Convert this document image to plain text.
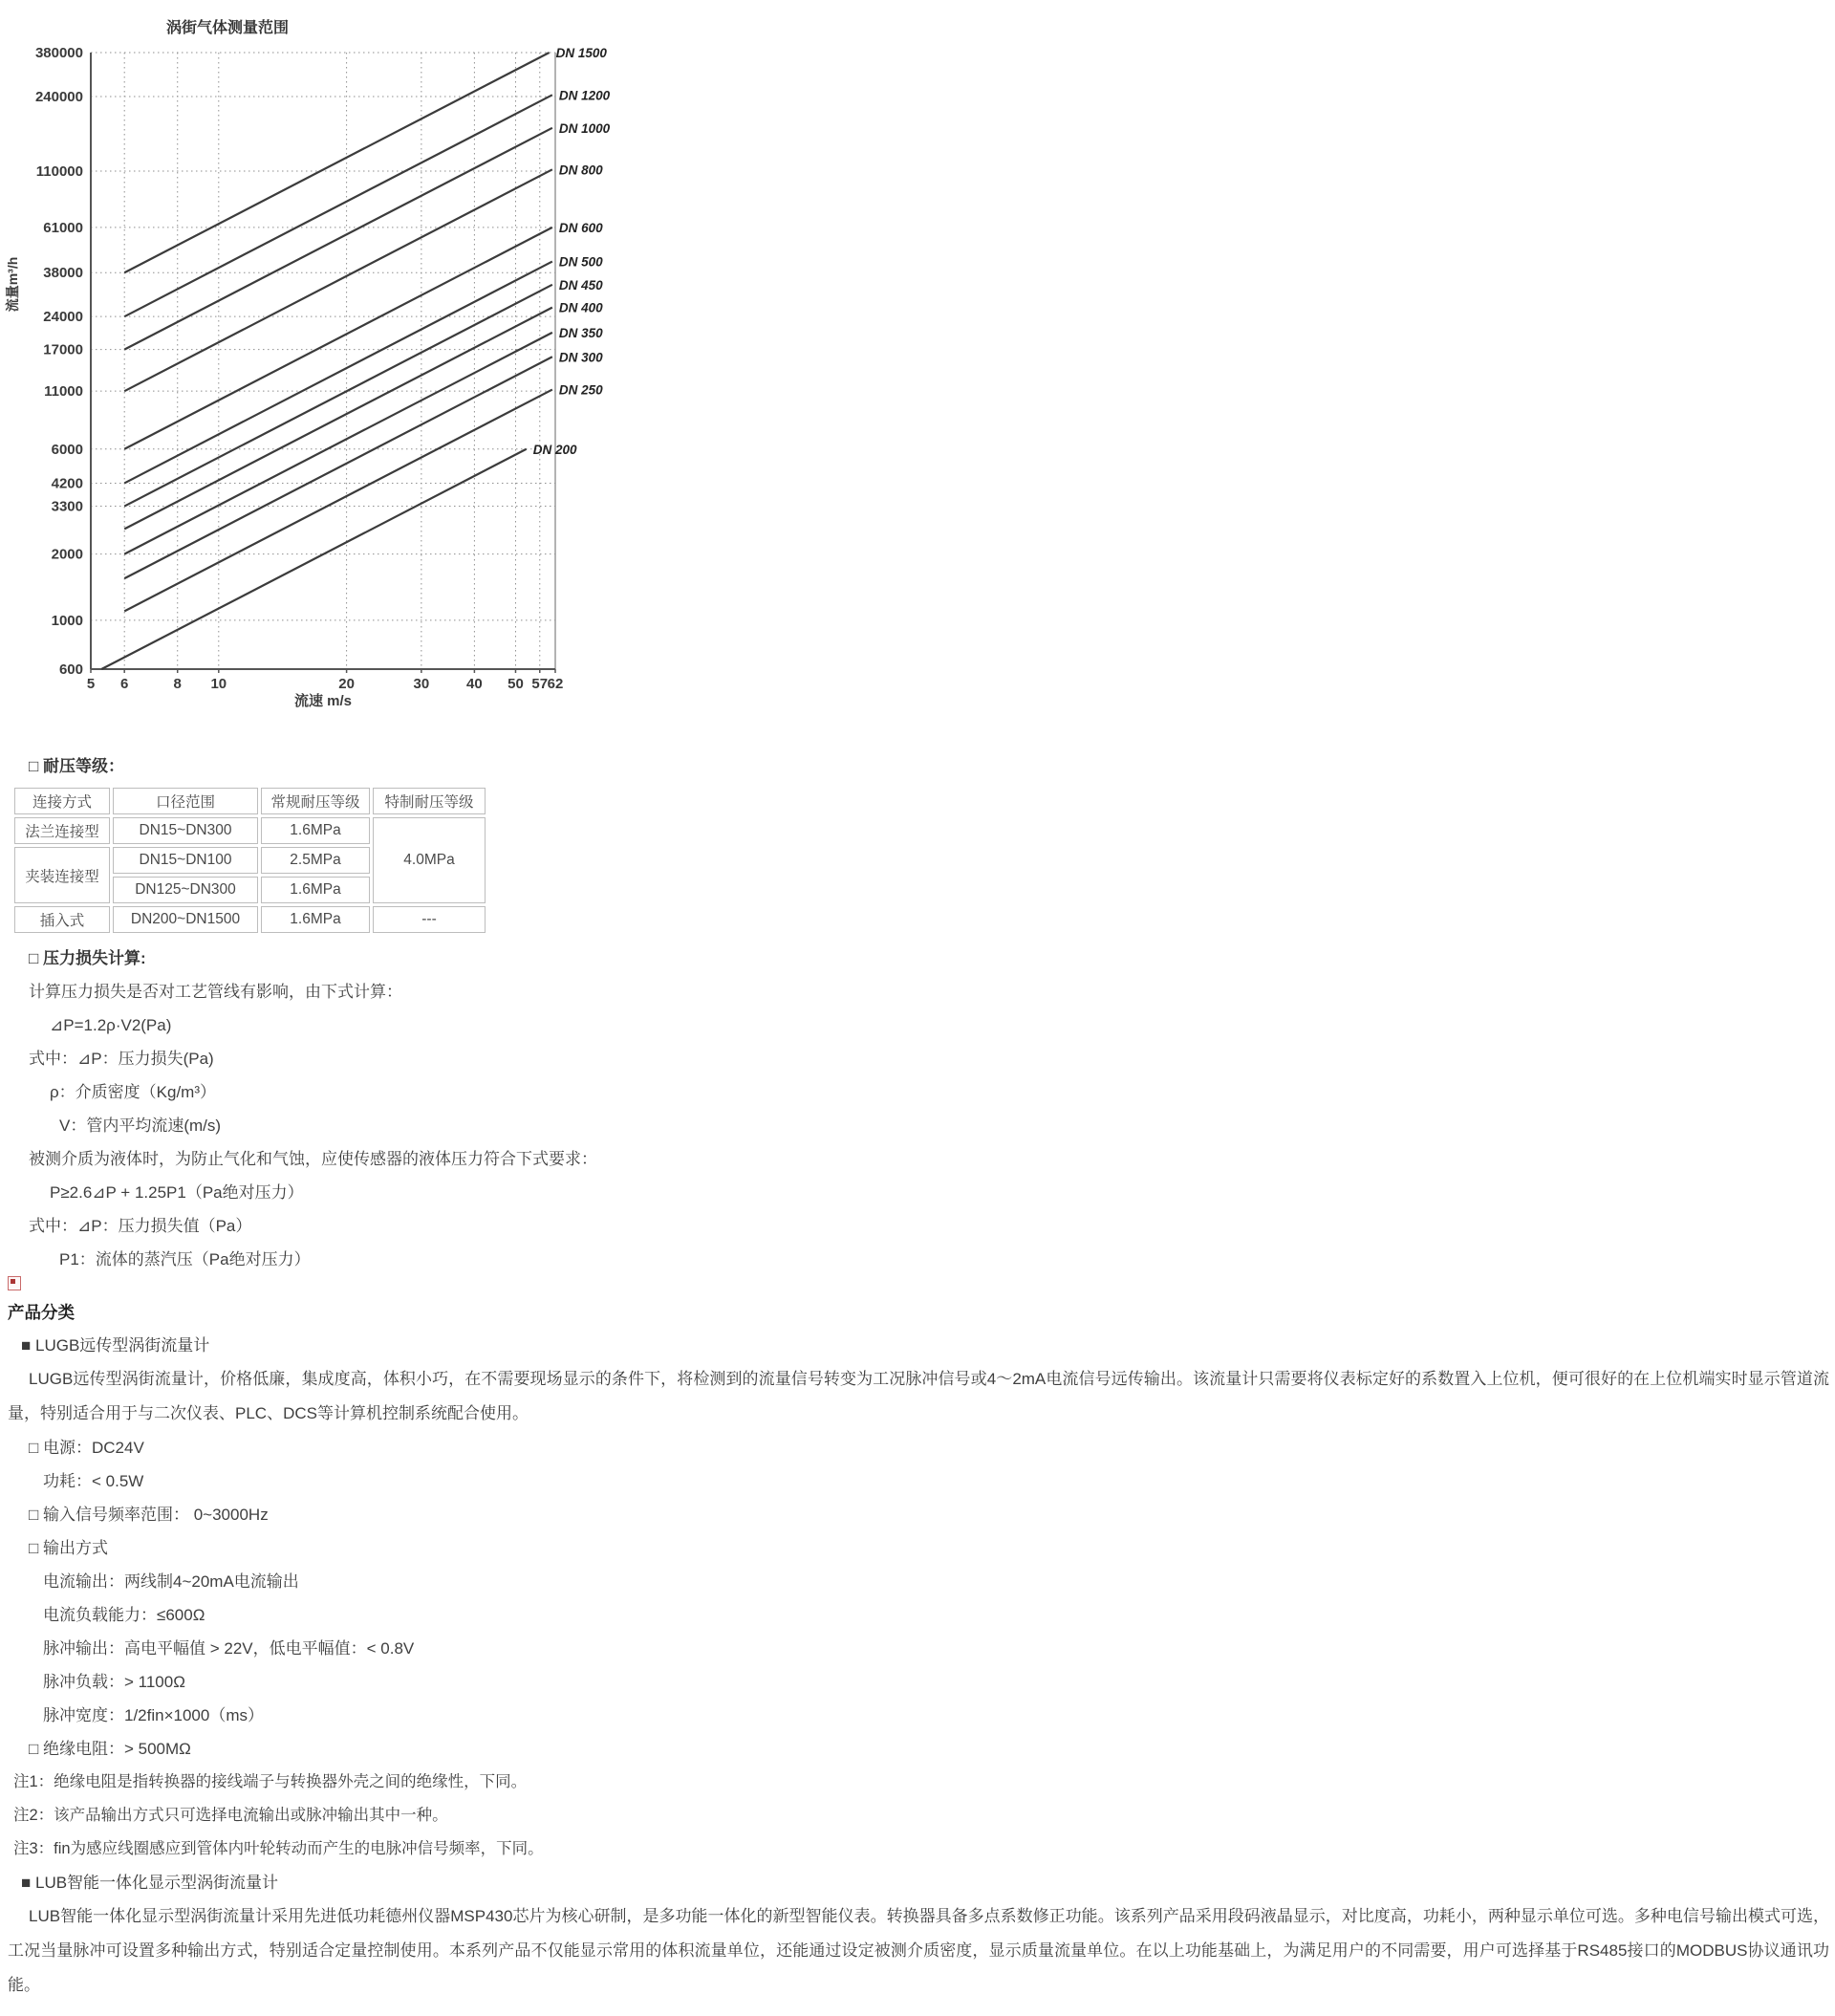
600
1000
2000
3300
4200
6000
11000
17000
24000
38000
61000
110000
240000
380000
5 6	8 10	20	30	40 50 57 62
DN 1500
DN 1200
DN 1000
DN 800
DN 600
DN 500
DN 450
DN 400
DN 350
DN 300
DN 250
DN 200
涡街气体测量范围
流速 m/s
流量m³/h
□ 耐压等级：
连接方式	口径范围	常规耐压等级	特制耐压等级
法兰连接型	DN15~DN300	1.6MPa	4.0MPa
夹装连接型	DN15~DN100	2.5MPa	
	DN125~DN300	1.6MPa	
插入式	DN200~DN1500	1.6MPa	---
□ 压力损失计算:
计算压力损失是否对工艺管线有影响，由下式计算：
⊿P=1.2ρ·V2(Pa)
式中：⊿P：压力损失(Pa)
ρ：介质密度（Kg/m³）
V：管内平均流速(m/s)
被测介质为液体时，为防止气化和气蚀，应使传感器的液体压力符合下式要求：
P≥2.6⊿P + 1.25P1（Pa绝对压力）
式中：⊿P：压力损失值（Pa）
P1：流体的蒸汽压（Pa绝对压力）
产品分类
■ LUGB远传型涡街流量计
LUGB远传型涡街流量计，价格低廉，集成度高，体积小巧，在不需要现场显示的条件下，将检测到的流量信号转变为工况脉冲信号或4～2mA电流信号远传输出。该流量计只需要将仪表标定好的系数置入上位机，便可很好的在上位机端实时显示管道流量，特别适合用于与二次仪表、PLC、DCS等计算机控制系统配合使用。
□ 电源：DC24V
功耗：< 0.5W
□ 输入信号频率范围： 0~3000Hz
□ 输出方式
电流输出：两线制4~20mA电流输出
电流负载能力：≤600Ω
脉冲输出：高电平幅值 > 22V，低电平幅值：< 0.8V
脉冲负载：> 1100Ω
脉冲宽度：1/2fin×1000（ms）
□ 绝缘电阻：> 500MΩ
注1：绝缘电阻是指转换器的接线端子与转换器外壳之间的绝缘性，下同。
注2：该产品输出方式只可选择电流输出或脉冲输出其中一种。
注3：fin为感应线圈感应到管体内叶轮转动而产生的电脉冲信号频率，下同。
■ LUB智能一体化显示型涡街流量计
LUB智能一体化显示型涡街流量计采用先进低功耗德州仪器MSP430芯片为核心研制，是多功能一体化的新型智能仪表。转换器具备多点系数修正功能。该系列产品采用段码液晶显示，对比度高，功耗小，两种显示单位可选。多种电信号输出模式可选，工况当量脉冲可设置多种输出方式，特别适合定量控制使用。本系列产品不仅能显示常用的体积流量单位，还能通过设定被测介质密度，显示质量流量单位。在以上功能基础上，为满足用户的不同需要，用户可选择基于RS485接口的MODBUS协议通讯功能。
